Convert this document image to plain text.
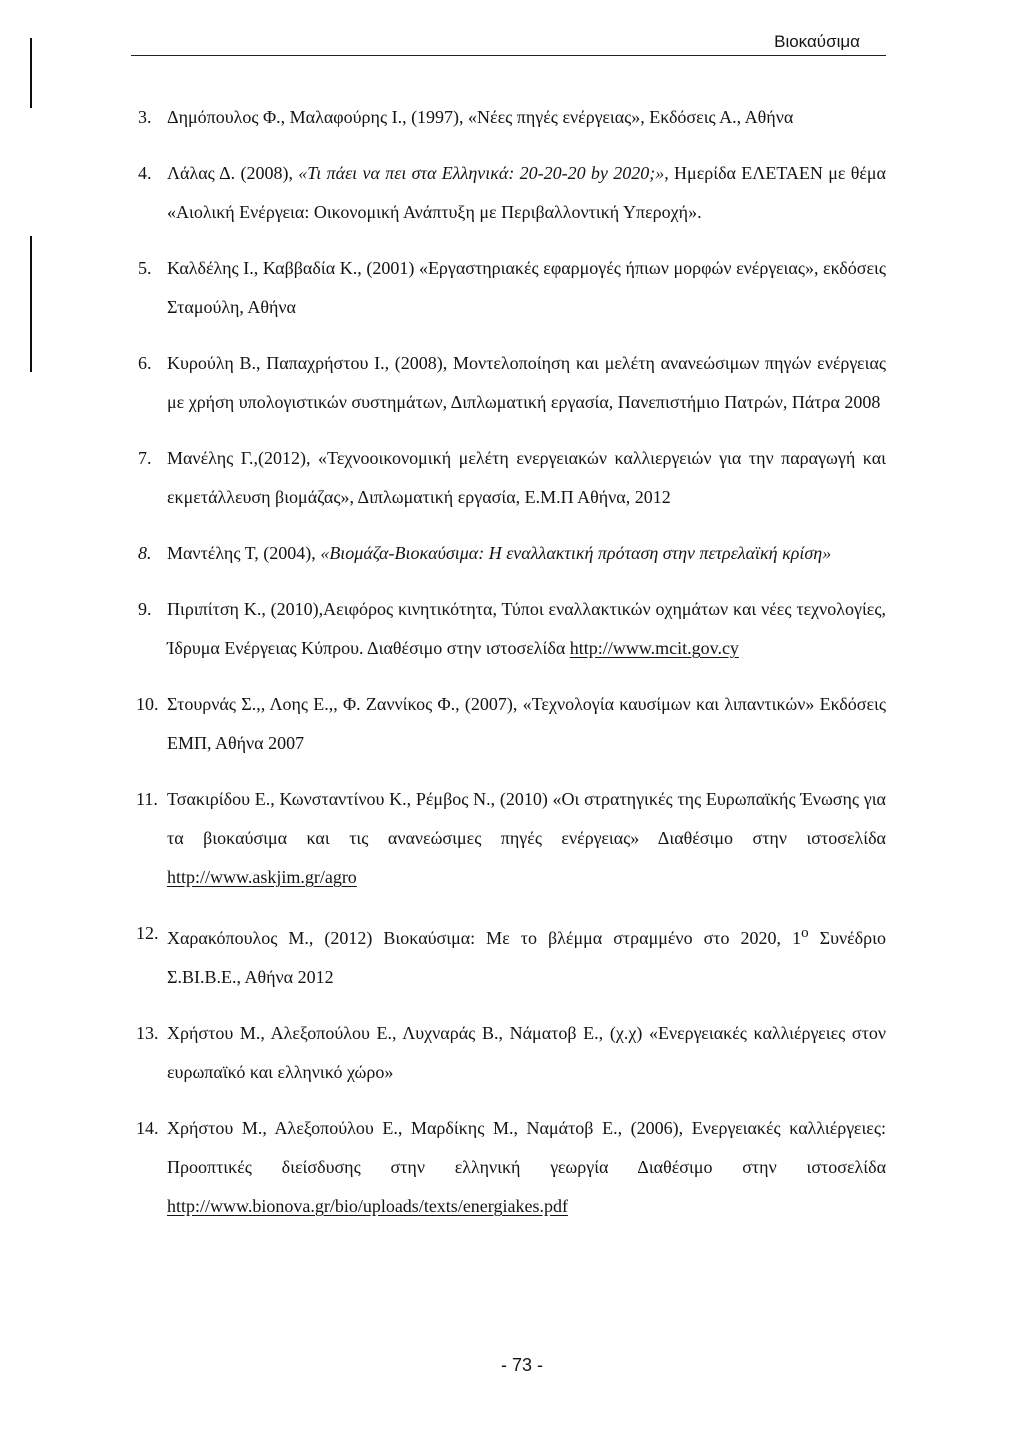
Βιοκαύσιμα
3. Δημόπουλος Φ., Μαλαφούρης Ι., (1997), «Νέες πηγές ενέργειας», Εκδόσεις Α., Αθήνα
4. Λάλας Δ. (2008), «Τι πάει να πει στα Ελληνικά: 20-20-20 by 2020;», Ημερίδα ΕΛΕΤΑΕΝ με θέμα «Αιολική Ενέργεια: Οικονομική Ανάπτυξη με Περιβαλλοντική Υπεροχή».
5. Καλδέλης Ι., Καββαδία Κ., (2001) «Εργαστηριακές εφαρμογές ήπιων μορφών ενέργειας», εκδόσεις Σταμούλη, Αθήνα
6. Κυρούλη Β., Παπαχρήστου Ι., (2008), Μοντελοποίηση και μελέτη ανανεώσιμων πηγών ενέργειας με χρήση υπολογιστικών συστημάτων, Διπλωματική εργασία, Πανεπιστήμιο Πατρών, Πάτρα 2008
7. Μανέλης Γ.,(2012), «Τεχνοοικονομική μελέτη ενεργειακών καλλιεργειών για την παραγωγή και εκμετάλλευση βιομάζας», Διπλωματική εργασία, Ε.Μ.Π Αθήνα, 2012
8. Μαντέλης Τ, (2004), «Βιομάζα-Βιοκαύσιμα: Η εναλλακτική πρόταση στην πετρελαϊκή κρίση»
9. Πιριπίτση Κ., (2010),Αειφόρος κινητικότητα, Τύποι εναλλακτικών οχημάτων και νέες τεχνολογίες, Ίδρυμα Ενέργειας Κύπρου. Διαθέσιμο στην ιστοσελίδα http://www.mcit.gov.cy
10. Στουρνάς Σ.,, Λοης Ε.,, Φ. Ζαννίκος Φ., (2007), «Τεχνολογία καυσίμων και λιπαντικών» Εκδόσεις ΕΜΠ, Αθήνα 2007
11. Τσακιρίδου Ε., Κωνσταντίνου Κ., Ρέμβος Ν., (2010) «Οι στρατηγικές της Ευρωπαϊκής Ένωσης για τα βιοκαύσιμα και τις ανανεώσιμες πηγές ενέργειας» Διαθέσιμο στην ιστοσελίδα http://www.askjim.gr/agro
12. Χαρακόπουλος Μ., (2012) Βιοκαύσιμα: Με το βλέμμα στραμμένο στο 2020, $1^o$ Συνέδριο Σ.ΒΙ.Β.Ε., Αθήνα 2012
13. Χρήστου Μ., Αλεξοπούλου Ε., Λυχναράς Β., Νάματοβ Ε., (χ.χ) «Ενεργειακές καλλιέργειες στον ευρωπαϊκό και ελληνικό χώρο»
14. Χρήστου Μ., Αλεξοπούλου Ε., Μαρδίκης Μ., Ναμάτοβ Ε., (2006), Ενεργειακές καλλιέργειες: Προοπτικές διείσδυσης στην ελληνική γεωργία Διαθέσιμο στην ιστοσελίδα http://www.bionova.gr/bio/uploads/texts/energiakes.pdf
- 73 -
